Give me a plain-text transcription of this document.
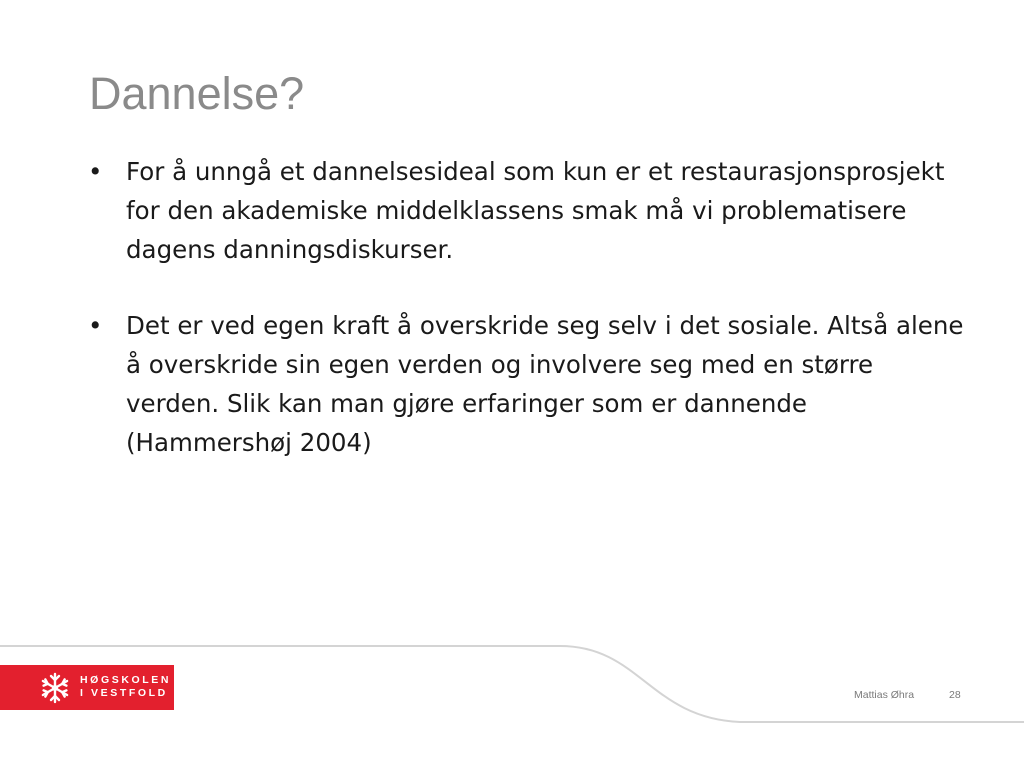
Dannelse?
• For å unngå et dannelsesideal som kun er et restaurasjonsprosjekt for den akademiske middelklassens smak må vi problematisere dagens danningsdiskurser.
• Det er ved egen kraft å overskride seg selv i det sosiale. Altså alene å overskride sin egen verden og involvere seg med en større verden. Slik kan man gjøre erfaringer som er dannende (Hammershøj 2004)

HØGSKOLEN
I VESTFOLD	Mattias Øhra	28
